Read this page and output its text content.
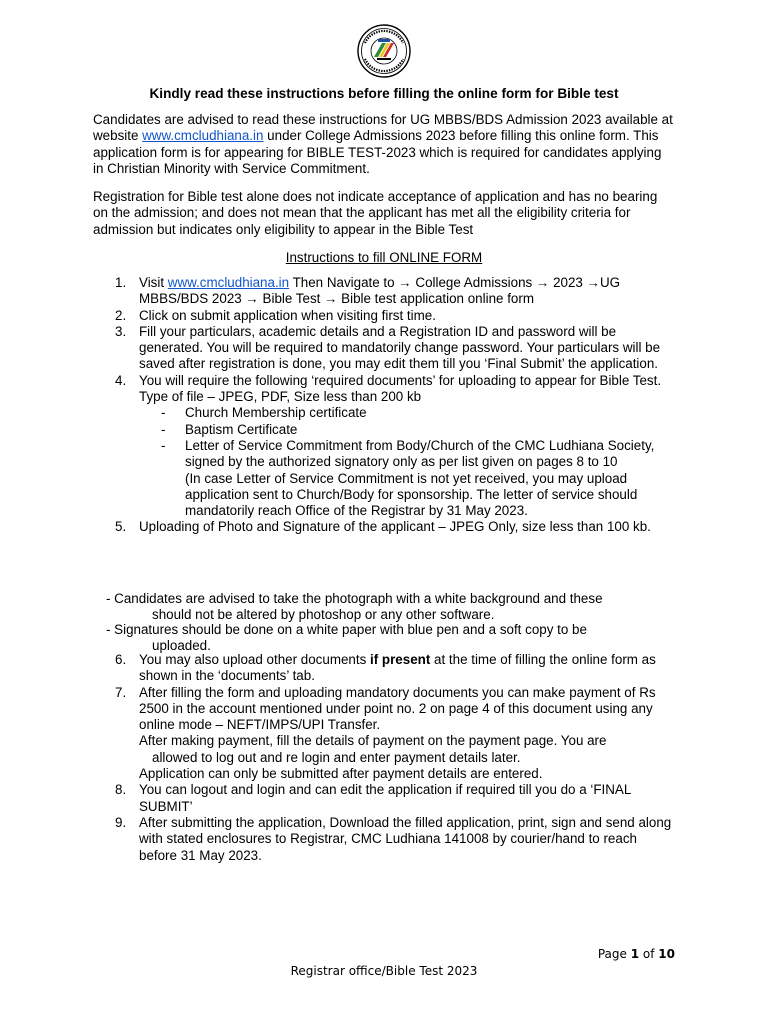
Kindly read these instructions before filling the online form for Bible test

Candidates are advised to read these instructions for UG MBBS/BDS Admission 2023 available at website www.cmcludhiana.in under College Admissions 2023 before filling this online form. This application form is for appearing for BIBLE TEST-2023 which is required for candidates applying in Christian Minority with Service Commitment.

Registration for Bible test alone does not indicate acceptance of application and has no bearing on the admission; and does not mean that the applicant has met all the eligibility criteria for admission but indicates only eligibility to appear in the Bible Test

Instructions to fill ONLINE FORM

1. Visit www.cmcludhiana.in Then Navigate to → College Admissions → 2023 →UG MBBS/BDS 2023 → Bible Test → Bible test application online form
2. Click on submit application when visiting first time.
3. Fill your particulars, academic details and a Registration ID and password will be generated. You will be required to mandatorily change password. Your particulars will be saved after registration is done, you may edit them till you ‘Final Submit’ the application.
4. You will require the following ‘required documents’ for uploading to appear for Bible Test. Type of file – JPEG, PDF, Size less than 200 kb
- Church Membership certificate
- Baptism Certificate
- Letter of Service Commitment from Body/Church of the CMC Ludhiana Society, signed by the authorized signatory only as per list given on pages 8 to 10
(In case Letter of Service Commitment is not yet received, you may upload application sent to Church/Body for sponsorship. The letter of service should mandatorily reach Office of the Registrar by 31 May 2023.
5. Uploading of Photo and Signature of the applicant – JPEG Only, size less than 100 kb.
- Candidates are advised to take the photograph with a white background and these
should not be altered by photoshop or any other software.
- Signatures should be done on a white paper with blue pen and a soft copy to be
uploaded.
6. You may also upload other documents if present at the time of filling the online form as shown in the ‘documents’ tab.
7. After filling the form and uploading mandatory documents you can make payment of Rs 2500 in the account mentioned under point no. 2 on page 4 of this document using any online mode – NEFT/IMPS/UPI Transfer.
After making payment, fill the details of payment on the payment page. You are
allowed to log out and re login and enter payment details later.
Application can only be submitted after payment details are entered.
8. You can logout and login and can edit the application if required till you do a ‘FINAL SUBMIT’
9. After submitting the application, Download the filled application, print, sign and send along with stated enclosures to Registrar, CMC Ludhiana 141008 by courier/hand to reach before 31 May 2023.

Page 1 of 10

Registrar office/Bible Test 2023
